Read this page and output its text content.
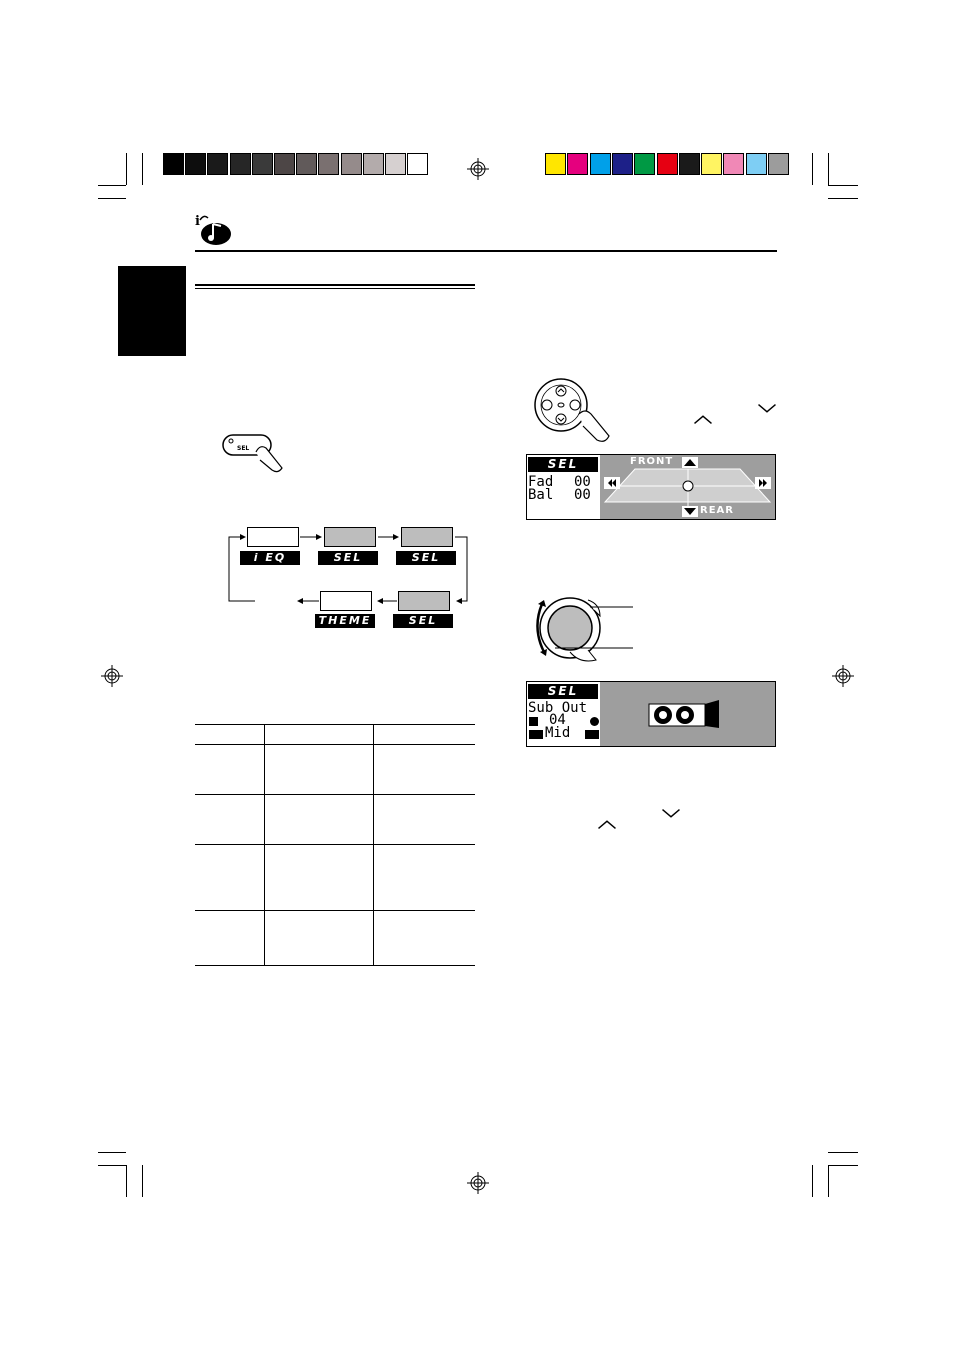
i
SEL
i EQ	SEL	SEL
THEME	SEL
︿	﹀
SEL
Fad 00
Bal 00
FRONT
REAR
SEL
Sub Out
04
Mid
︿	﹀
